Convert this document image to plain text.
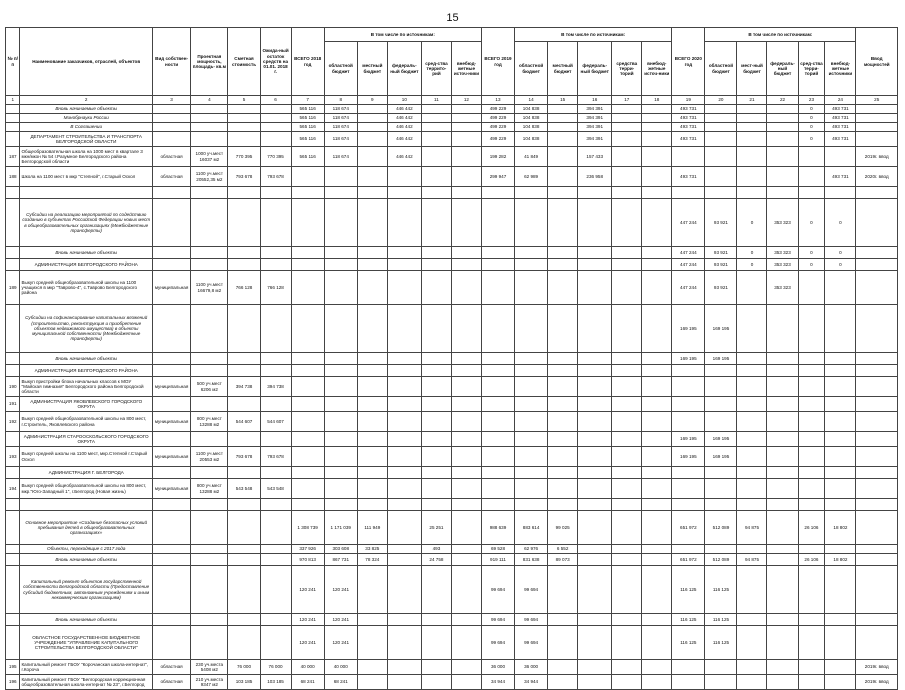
15
№ п/п	Наименование заказчиков, отраслей, объектов	Вид собствен-ности	Проектная мощность, площадь- кв.м	Сметная стоимость	Ожида-ный остаток средств на 01.01. 2018 г.	ВСЕГО 2018 год	В том числе по источникам:					ВСЕГО 2019 год	В том числе по источникам:					ВСЕГО 2020 год	В том числе по источникам:					Ввод мощностей
							областной бюджет	местный бюджет	федераль-ный бюджет	сред-ства террито-рий	внебюд-жетные источ-ники		областной бюджет	местный бюджет	федераль-ный бюджет	средства терри-торий	внебюд-жетные источ-ники		областной бюджет	мест-ный бюджет	федераль-ный бюджет	сред-ства терри-торий	внебюд-жетные источники	
1	2	3	4	5	6	7	8	9	10	11	12	13	14	15	16	17	18	19	20	21	22	23	24	25
	Вновь начинаемые объекты					565 116	118 674		446 442			499 229	104 838		394 391			493 731				0	493 731	
	Минобрнауки России					565 116	118 674		446 442			499 229	104 838		394 391			493 731				0	493 731	
	В Соглашении					565 116	118 674		446 442			499 229	104 838		394 391			493 731				0	493 731	
	ДЕПАРТАМЕНТ СТРОИТЕЛЬСТВА И ТРАНСПОРТА БЕЛГОРОДСКОЙ ОБЛАСТИ					565 116	118 674		446 442			499 229	104 838		394 391			493 731				0	493 731	
187	Общеобразовательная школа на 1000 мест в квартале 3 мкн/мкон № 54 г.Разумное Белгородского района Белгородской области	областная	1000 уч.мест 16037 м2	770 395	770 395	565 116	118 674		446 442			199 282	41 849		157 433									2019г. ввод
188	Школа на 1100 мест в мкр "Степной", г.Старый Оскол	областная	1100 уч.мест 20552,35 м2	793 678	793 678							299 947	62 989		236 958			493 731					493 731	2020г. ввод

	Субсидии на реализацию мероприятий по содействию созданию в субъектах Российской Федерации новых мест в общеобразовательных организациях (Межбюджетные трансферты)																	447 244	93 921	0	353 323	0	0	
	Вновь начинаемые объекты																	447 244	93 921	0	353 323	0	0	
	АДМИНИСТРАЦИЯ БЕЛГОРОДСКОГО РАЙОНА																	447 244	93 921	0	353 323	0	0	
189	Выкуп средней общеобразовательной школы на 1100 учащихся в мкр "Таврово-4", с.Таврово Белгородского района	муниципальная	1100 уч.мест 16679,8 м2	766 128	766 128													447 244	93 921		353 323			
	Субсидии на софинансирование капитальных вложений (строительство, реконструкция и приобретение объектов недвижимого имущества) в объекты муниципальной собственности (Межбюджетные трансферты)																	169 195	169 195					
	Вновь начинаемые объекты																	169 195	169 195					
	АДМИНИСТРАЦИЯ БЕЛГОРОДСКОГО РАЙОНА																							
190	Выкуп пристройки блока начальных классов к МОУ "Майская гимназия" Белгородского района Белгородской области	муниципальная	500 уч.мест 6206 м2	394 738	394 738																			
191	АДМИНИСТРАЦИЯ ЯКОВЛЕВСКОГО ГОРОДСКОГО ОКРУГА																							
192	Выкуп средней общеобразовательной школы на 800 мест, г.Строитель, Яковлевского района	муниципальная	800 уч.мест 13288 м2	544 607	544 607																			
	АДМИНИСТРАЦИЯ СТАРООСКОЛЬСКОГО ГОРОДСКОГО ОКРУГА																	169 195	169 195					
193	Выкуп средней школы на 1100 мест, мкр.Степной г.Старый Оскол	муниципальная	1100 уч.мест 20553 м2	793 678	793 678													169 195	169 195					
	АДМИНИСТРАЦИЯ Г. БЕЛГОРОДА																							
194	Выкуп средней общеобразовательной школы на 800 мест, мкр."Юго-Западный 1", г.Белгород (Новая жизнь)	муниципальная	800 уч.мест 13288 м2	543 548	543 548																			

	Основное мероприятие «Создание безопасных условий пребывания детей в общеобразовательных организациях»					1 308 739	1 171 039	111 949		25 251		988 639	883 614	99 025				651 972	512 089	94 875		26 106	18 802	
	Объекты, переходящие с 2017 года					337 926	303 608	33 825		493		69 528	62 976	6 552										
	Вновь начинаемые объекты					970 813	867 731	78 324		24 758		919 111	831 638	89 073				651 972	512 089	94 875		26 106	18 802	
	Капитальный ремонт объектов государственной собственности Белгородской области (Предоставление субсидий бюджетным, автономным учреждениям и иным некоммерческим организациям)					120 241	120 241					99 694	99 694					116 125	116 125					
	Вновь начинаемые объекты					120 241	120 241					99 694	99 694					116 125	116 125					
	ОБЛАСТНОЕ ГОСУДАРСТВЕННОЕ БЮДЖЕТНОЕ УЧРЕЖДЕНИЕ "УПРАВЛЕНИЕ КАПИТАЛЬНОГО СТРОИТЕЛЬСТВА БЕЛГОРОДСКОЙ ОБЛАСТИ"					120 241	120 241					99 694	99 694					116 125	116 125					
195	Капитальный ремонт ГБОУ "Корочанская школа-интернат", г.Короча	областная	230 уч.места 5408 м2	76 000	76 000	40 000	40 000					36 000	36 000											2019г. ввод
196	Капитальный ремонт ГБОУ "Белгородская коррекционная общеобразовательная школа-интернат № 23", г.Белгород	областная	210 уч.места 9347 м2	103 185	103 185	68 241	68 241					34 944	34 944											2019г. ввод
